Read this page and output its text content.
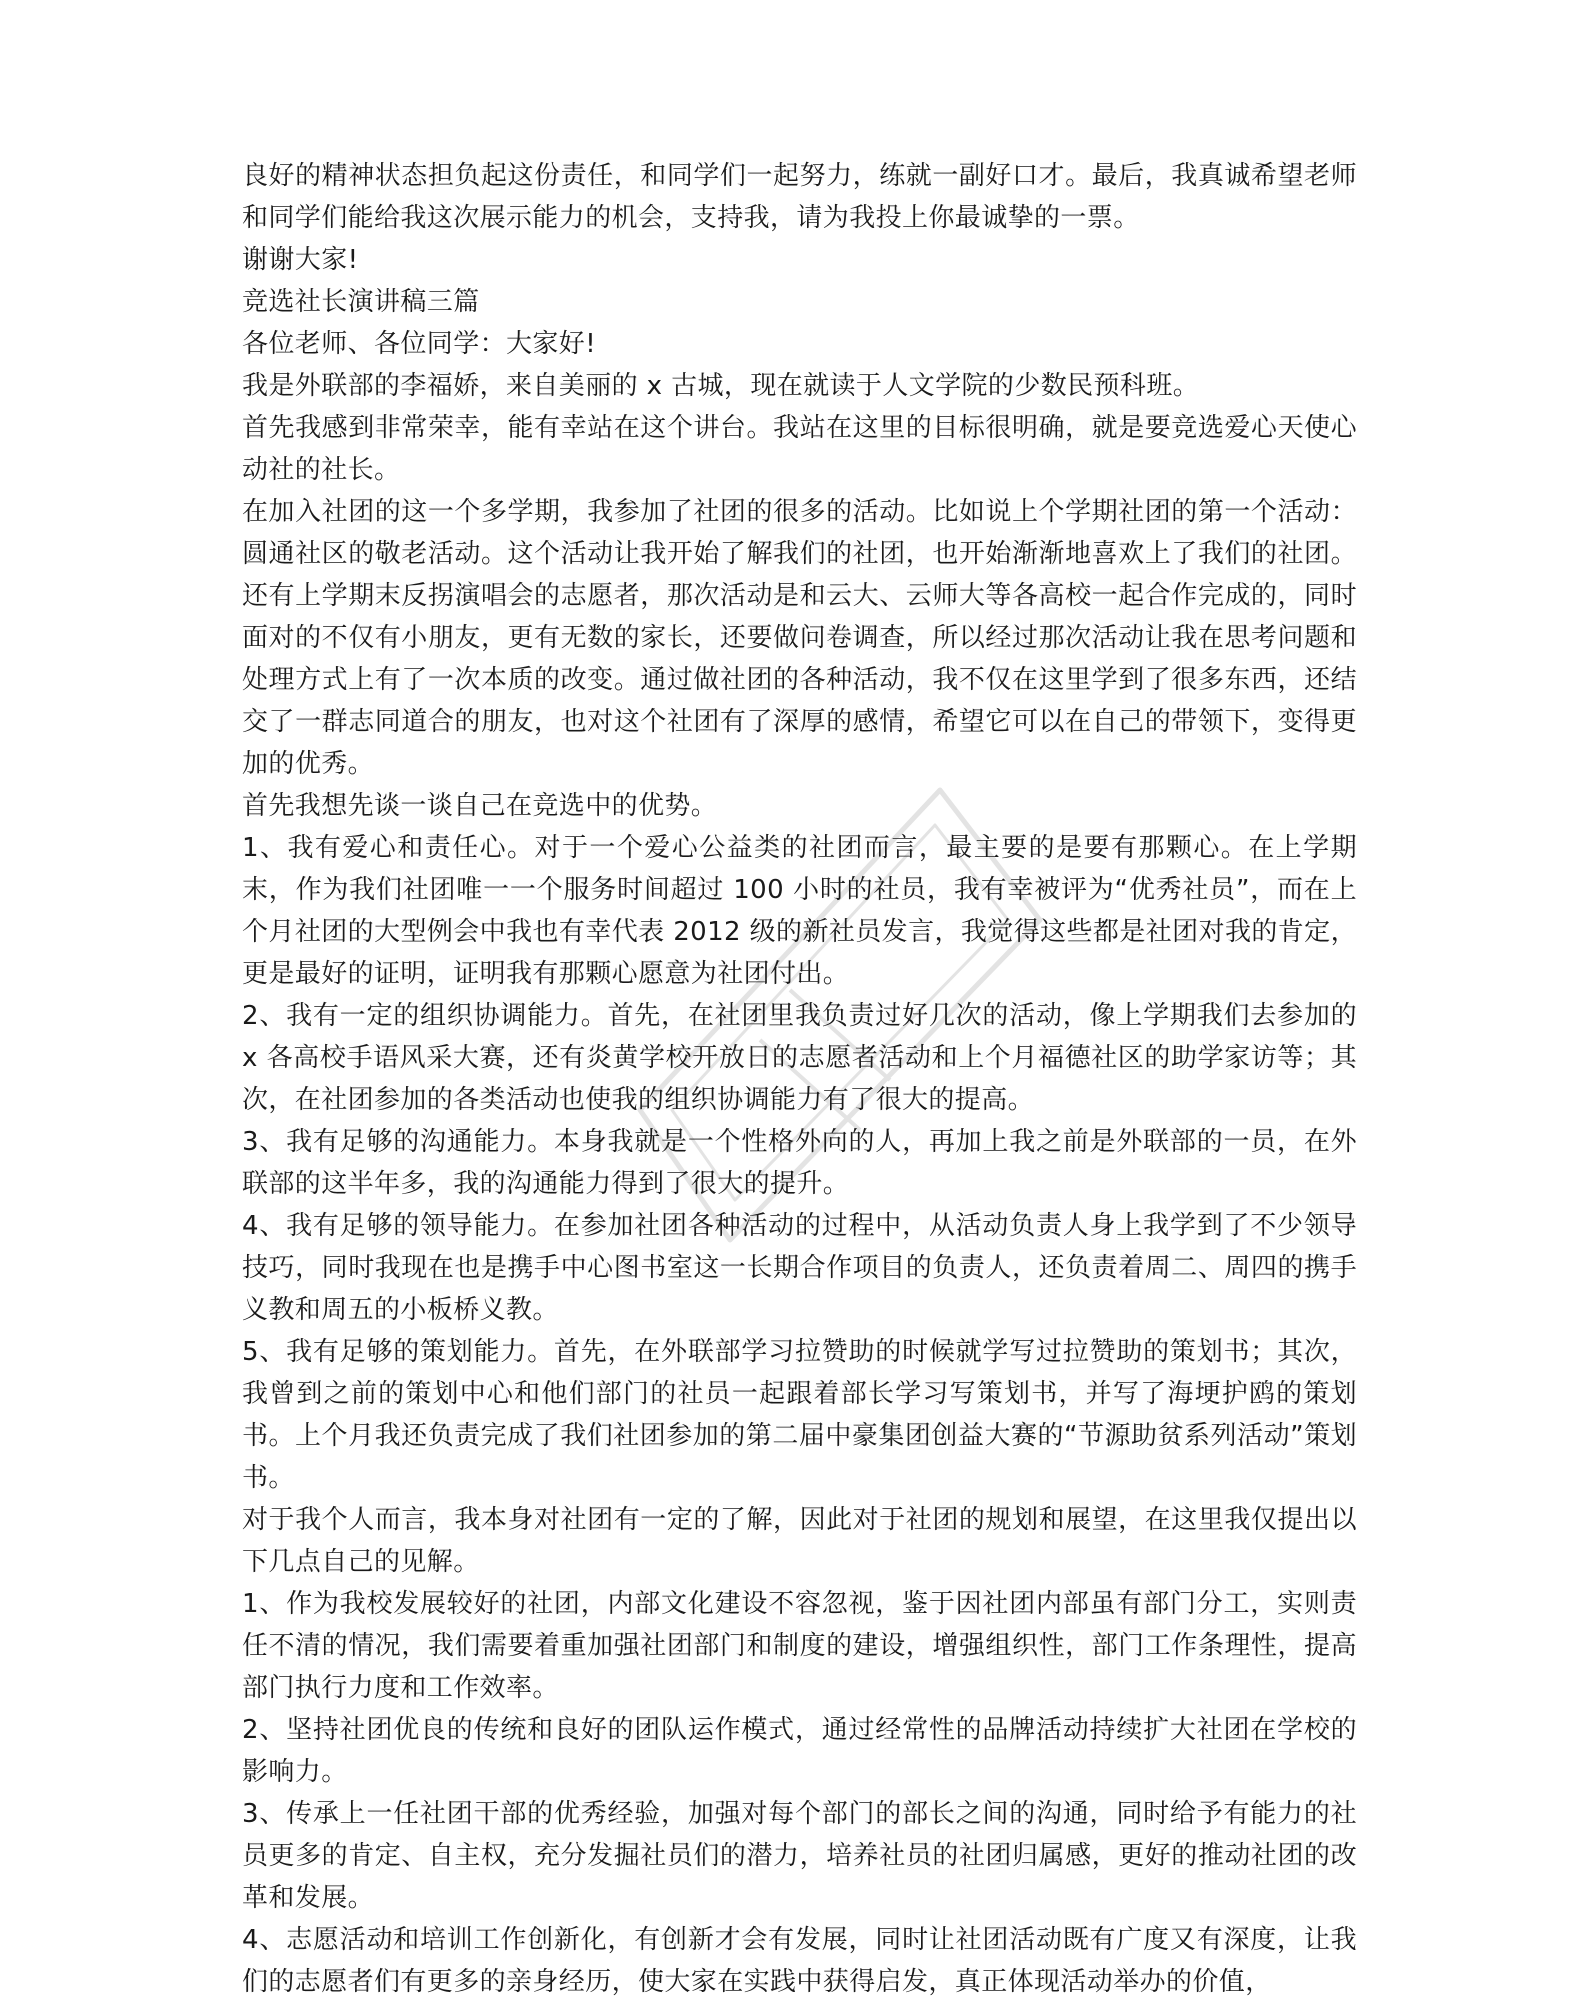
良好的精神状态担负起这份责任，和同学们一起努力，练就一副好口才。最后，我真诚希望老师和同学们能给我这次展示能力的机会，支持我，请为我投上你最诚挚的一票。

谢谢大家!

竞选社长演讲稿三篇

各位老师、各位同学：大家好!

我是外联部的李福娇，来自美丽的 x 古城，现在就读于人文学院的少数民预科班。

首先我感到非常荣幸，能有幸站在这个讲台。我站在这里的目标很明确，就是要竞选爱心天使心动社的社长。

在加入社团的这一个多学期，我参加了社团的很多的活动。比如说上个学期社团的第一个活动：圆通社区的敬老活动。这个活动让我开始了解我们的社团，也开始渐渐地喜欢上了我们的社团。还有上学期末反拐演唱会的志愿者，那次活动是和云大、云师大等各高校一起合作完成的，同时面对的不仅有小朋友，更有无数的家长，还要做问卷调查，所以经过那次活动让我在思考问题和处理方式上有了一次本质的改变。通过做社团的各种活动，我不仅在这里学到了很多东西，还结交了一群志同道合的朋友，也对这个社团有了深厚的感情，希望它可以在自己的带领下，变得更加的优秀。

首先我想先谈一谈自己在竞选中的优势。

1、我有爱心和责任心。对于一个爱心公益类的社团而言，最主要的是要有那颗心。在上学期末，作为我们社团唯一一个服务时间超过 100 小时的社员，我有幸被评为“优秀社员”，而在上个月社团的大型例会中我也有幸代表 2012 级的新社员发言，我觉得这些都是社团对我的肯定，更是最好的证明，证明我有那颗心愿意为社团付出。

2、我有一定的组织协调能力。首先，在社团里我负责过好几次的活动，像上学期我们去参加的 x 各高校手语风采大赛，还有炎黄学校开放日的志愿者活动和上个月福德社区的助学家访等；其次，在社团参加的各类活动也使我的组织协调能力有了很大的提高。

3、我有足够的沟通能力。本身我就是一个性格外向的人，再加上我之前是外联部的一员，在外联部的这半年多，我的沟通能力得到了很大的提升。

4、我有足够的领导能力。在参加社团各种活动的过程中，从活动负责人身上我学到了不少领导技巧，同时我现在也是携手中心图书室这一长期合作项目的负责人，还负责着周二、周四的携手义教和周五的小板桥义教。

5、我有足够的策划能力。首先，在外联部学习拉赞助的时候就学写过拉赞助的策划书；其次，我曾到之前的策划中心和他们部门的社员一起跟着部长学习写策划书，并写了海埂护鸥的策划书。上个月我还负责完成了我们社团参加的第二届中豪集团创益大赛的“节源助贫系列活动”策划书。

对于我个人而言，我本身对社团有一定的了解，因此对于社团的规划和展望，在这里我仅提出以下几点自己的见解。

1、作为我校发展较好的社团，内部文化建设不容忽视，鉴于因社团内部虽有部门分工，实则责任不清的情况，我们需要着重加强社团部门和制度的建设，增强组织性，部门工作条理性，提高部门执行力度和工作效率。

2、坚持社团优良的传统和良好的团队运作模式，通过经常性的品牌活动持续扩大社团在学校的影响力。

3、传承上一任社团干部的优秀经验，加强对每个部门的部长之间的沟通，同时给予有能力的社员更多的肯定、自主权，充分发掘社员们的潜力，培养社员的社团归属感，更好的推动社团的改革和发展。

4、志愿活动和培训工作创新化，有创新才会有发展，同时让社团活动既有广度又有深度，让我们的志愿者们有更多的亲身经历，使大家在实践中获得启发，真正体现活动举办的价值，
